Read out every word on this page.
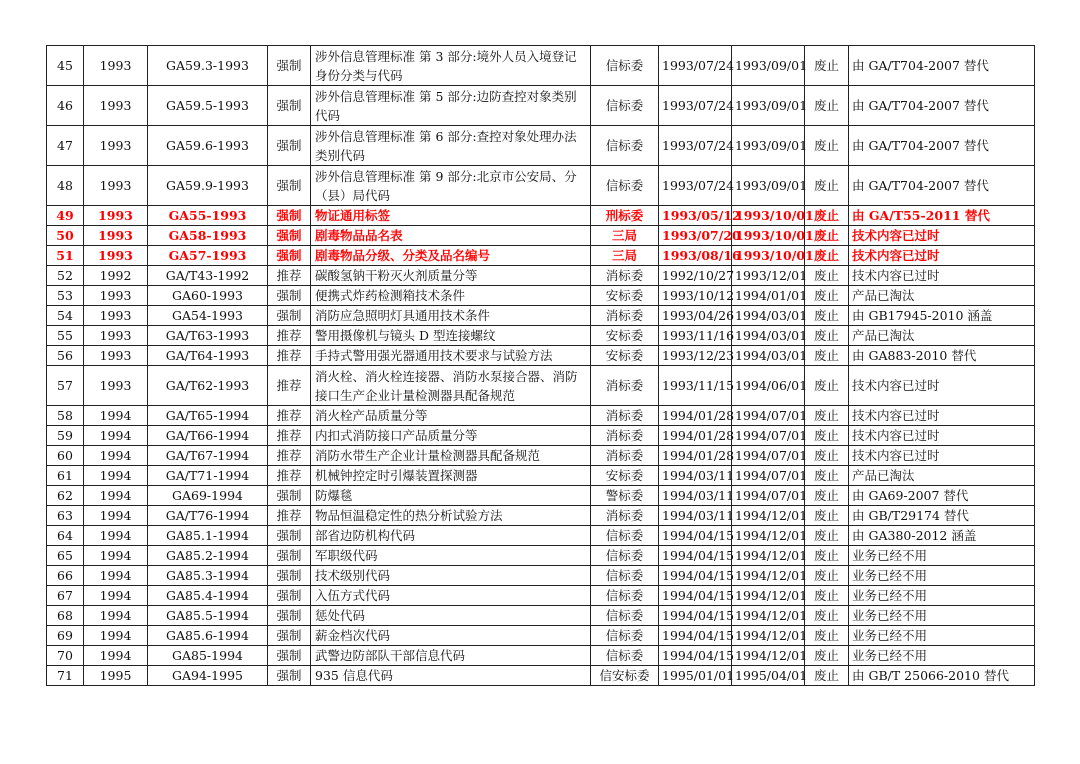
45	1993	GA59.3-1993	强制	涉外信息管理标准 第 3 部分:境外人员入境登记身份分类与代码	信标委	1993/07/24	1993/09/01	废止	由 GA/T704-2007 替代
46	1993	GA59.5-1993	强制	涉外信息管理标准 第 5 部分:边防查控对象类别代码	信标委	1993/07/24	1993/09/01	废止	由 GA/T704-2007 替代
47	1993	GA59.6-1993	强制	涉外信息管理标准 第 6 部分:查控对象处理办法类别代码	信标委	1993/07/24	1993/09/01	废止	由 GA/T704-2007 替代
48	1993	GA59.9-1993	强制	涉外信息管理标准 第 9 部分:北京市公安局、分（县）局代码	信标委	1993/07/24	1993/09/01	废止	由 GA/T704-2007 替代
49	1993	GA55-1993	强制	物证通用标签	刑标委	1993/05/12	1993/10/01	废止	由 GA/T55-2011 替代
50	1993	GA58-1993	强制	剧毒物品品名表	三局	1993/07/20	1993/10/01	废止	技术内容已过时
51	1993	GA57-1993	强制	剧毒物品分级、分类及品名编号	三局	1993/08/16	1993/10/01	废止	技术内容已过时
52	1992	GA/T43-1992	推荐	碳酸氢钠干粉灭火剂质量分等	消标委	1992/10/27	1993/12/01	废止	技术内容已过时
53	1993	GA60-1993	强制	便携式炸药检测箱技术条件	安标委	1993/10/12	1994/01/01	废止	产品已淘汰
54	1993	GA54-1993	强制	消防应急照明灯具通用技术条件	消标委	1993/04/26	1994/03/01	废止	由 GB17945-2010 涵盖
55	1993	GA/T63-1993	推荐	警用摄像机与镜头 D 型连接螺纹	安标委	1993/11/16	1994/03/01	废止	产品已淘汰
56	1993	GA/T64-1993	推荐	手持式警用强光器通用技术要求与试验方法	安标委	1993/12/23	1994/03/01	废止	由 GA883-2010 替代
57	1993	GA/T62-1993	推荐	消火栓、消火栓连接器、消防水泵接合器、消防接口生产企业计量检测器具配备规范	消标委	1993/11/15	1994/06/01	废止	技术内容已过时
58	1994	GA/T65-1994	推荐	消火栓产品质量分等	消标委	1994/01/28	1994/07/01	废止	技术内容已过时
59	1994	GA/T66-1994	推荐	内扣式消防接口产品质量分等	消标委	1994/01/28	1994/07/01	废止	技术内容已过时
60	1994	GA/T67-1994	推荐	消防水带生产企业计量检测器具配备规范	消标委	1994/01/28	1994/07/01	废止	技术内容已过时
61	1994	GA/T71-1994	推荐	机械钟控定时引爆装置探测器	安标委	1994/03/11	1994/07/01	废止	产品已淘汰
62	1994	GA69-1994	强制	防爆毯	警标委	1994/03/11	1994/07/01	废止	由 GA69-2007 替代
63	1994	GA/T76-1994	推荐	物品恒温稳定性的热分析试验方法	消标委	1994/03/11	1994/12/01	废止	由 GB/T29174 替代
64	1994	GA85.1-1994	强制	部省边防机构代码	信标委	1994/04/15	1994/12/01	废止	由 GA380-2012 涵盖
65	1994	GA85.2-1994	强制	军职级代码	信标委	1994/04/15	1994/12/01	废止	业务已经不用
66	1994	GA85.3-1994	强制	技术级别代码	信标委	1994/04/15	1994/12/01	废止	业务已经不用
67	1994	GA85.4-1994	强制	入伍方式代码	信标委	1994/04/15	1994/12/01	废止	业务已经不用
68	1994	GA85.5-1994	强制	惩处代码	信标委	1994/04/15	1994/12/01	废止	业务已经不用
69	1994	GA85.6-1994	强制	薪金档次代码	信标委	1994/04/15	1994/12/01	废止	业务已经不用
70	1994	GA85-1994	强制	武警边防部队干部信息代码	信标委	1994/04/15	1994/12/01	废止	业务已经不用
71	1995	GA94-1995	强制	935 信息代码	信安标委	1995/01/01	1995/04/01	废止	由 GB/T 25066-2010 替代
